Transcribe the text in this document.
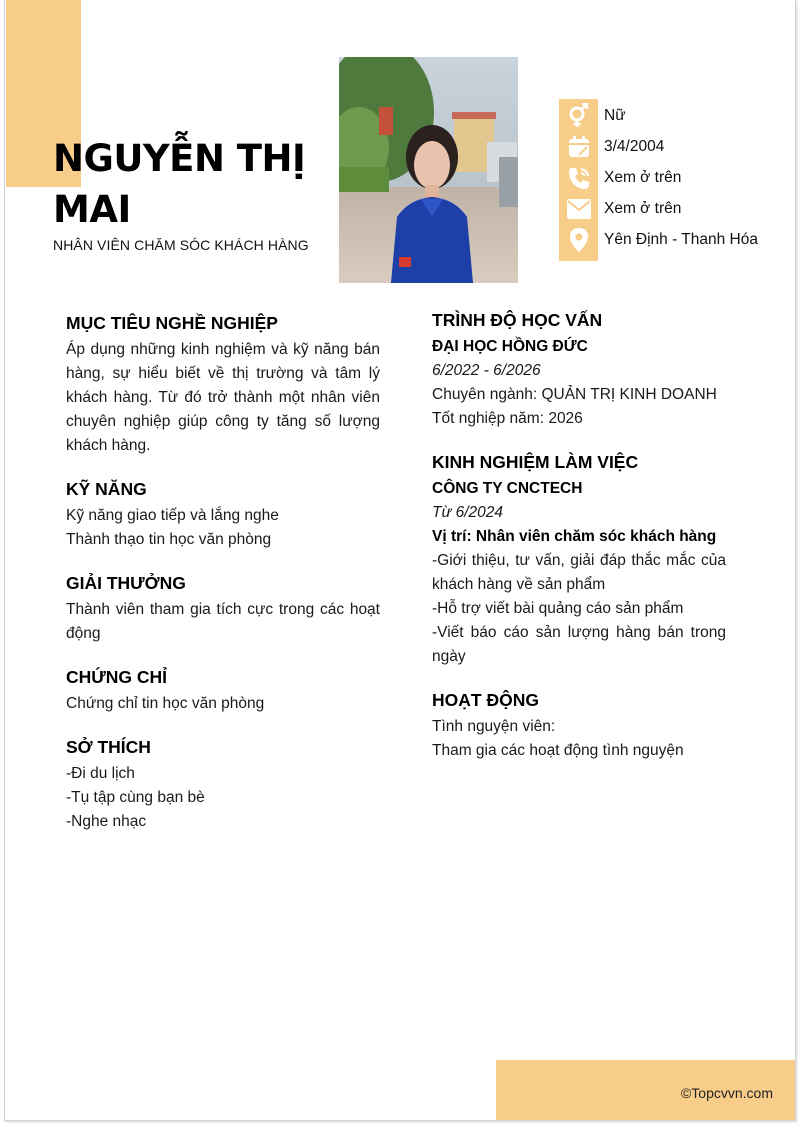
©Topcvvn.com
NGUYỄN THỊ MAI
NHÂN VIÊN CHĂM SÓC KHÁCH HÀNG
Nữ
3/4/2004
Xem ở trên
Xem ở trên
Yên Định - Thanh Hóa
MỤC TIÊU NGHỀ NGHIỆP
Áp dụng những kinh nghiệm và kỹ năng bán hàng, sự hiểu biết về thị trường và tâm lý khách hàng. Từ đó trở thành một nhân viên chuyên nghiệp giúp công ty tăng số lượng khách hàng.
KỸ NĂNG
Kỹ năng giao tiếp và lắng nghe
Thành thạo tin học văn phòng
GIẢI THƯỞNG
Thành viên tham gia tích cực trong các hoạt động
CHỨNG CHỈ
Chứng chỉ tin học văn phòng
SỞ THÍCH
-Đi du lịch
-Tụ tập cùng bạn bè
-Nghe nhạc
TRÌNH ĐỘ HỌC VẤN
ĐẠI HỌC HỒNG ĐỨC
6/2022 - 6/2026
Chuyên ngành: QUẢN TRỊ KINH DOANH
Tốt nghiệp năm: 2026
KINH NGHIỆM LÀM VIỆC
CÔNG TY CNCTECH
Từ 6/2024
Vị trí: Nhân viên chăm sóc khách hàng
-Giới thiệu, tư vấn, giải đáp thắc mắc của khách hàng về sản phẩm
-Hỗ trợ viết bài quảng cáo sản phẩm
-Viết báo cáo sản lượng hàng bán trong ngày
HOẠT ĐỘNG
Tình nguyện viên:
Tham gia các hoạt động tình nguyện
